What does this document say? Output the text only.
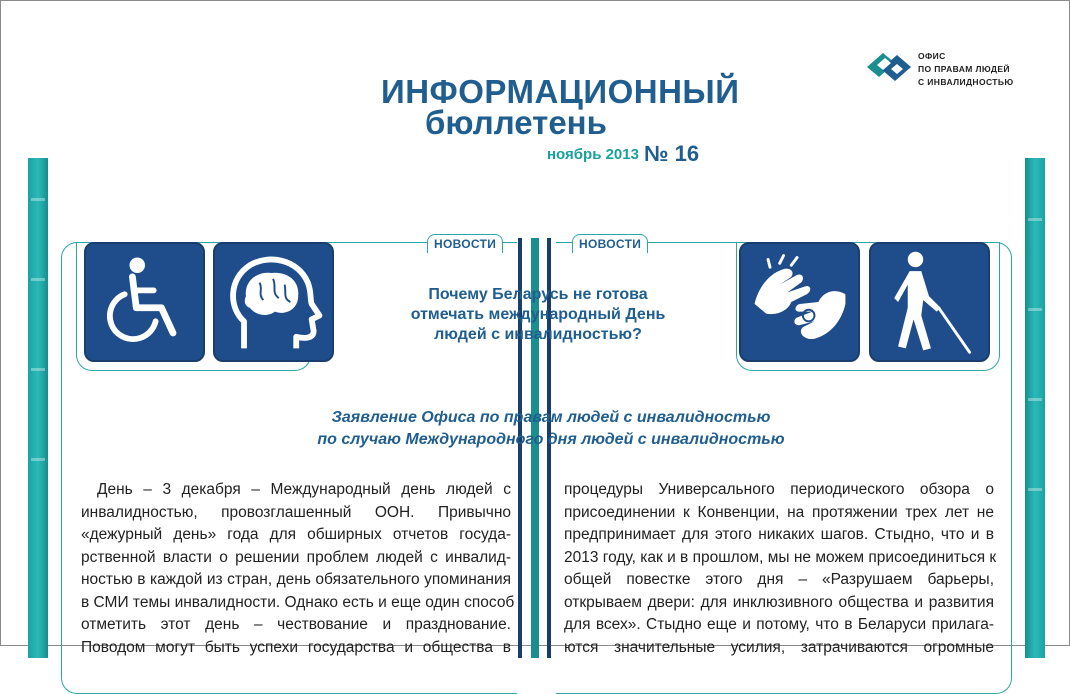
ИНФОРМАЦИОННЫЙ
бюллетень
ноябрь 2013 № 16
ОФИС
ПО ПРАВАМ ЛЮДЕЙ
С ИНВАЛИДНОСТЬЮ
НОВОСТИ	НОВОСТИ
Почему Беларусь не готова
отмечать международный День
людей с инвалидностью?
Заявление Офиса по правам людей с инвалидностью
по случаю Международного дня людей с инвалидностью
День – 3 декабря – Международный день людей с
инвалидностью, провозглашенный ООН. Привычно
«дежурный день» года для обширных отчетов госуда-
рственной власти о решении проблем людей с инвалид-
ностью в каждой из стран, день обязательного упоминания
в СМИ темы инвалидности. Однако есть и еще один способ
отметить этот день – чествование и празднование.
Поводом могут быть успехи государства и общества в
процедуры Универсального периодического обзора о
присоединении к Конвенции, на протяжении трех лет не
предпринимает для этого никаких шагов. Стыдно, что и в
2013 году, как и в прошлом, мы не можем присоединиться к
общей повестке этого дня – «Разрушаем барьеры,
открываем двери: для инклюзивного общества и развития
для всех». Стыдно еще и потому, что в Беларуси прилага-
ются значительные усилия, затрачиваются огромные
